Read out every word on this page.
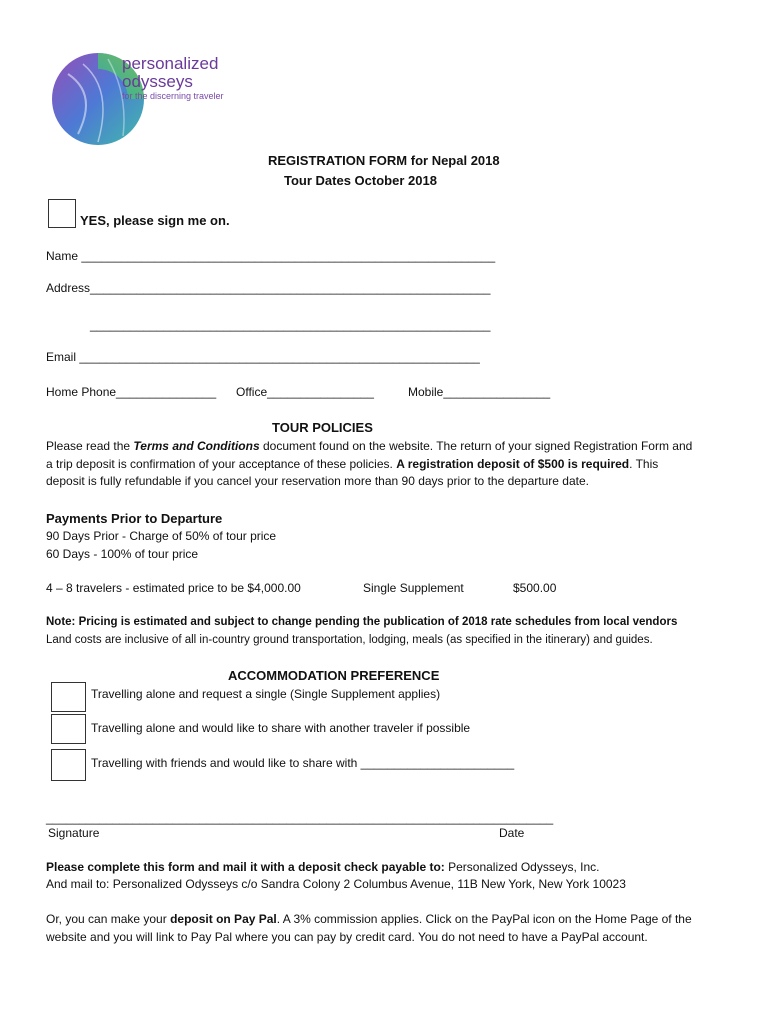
personalized
odysseys
for the discerning traveler
REGISTRATION FORM for Nepal 2018
Tour Dates October 2018
YES, please sign me on.
Name ______________________________________________________________
Address____________________________________________________________
____________________________________________________________
Email ____________________________________________________________
Home Phone_______________ Office________________	Mobile________________
TOUR POLICIES
Please read the Terms and Conditions document found on the website. The return of your signed Registration Form and
a trip deposit is confirmation of your acceptance of these policies. A registration deposit of $500 is required. This
deposit is fully refundable if you cancel your reservation more than 90 days prior to the departure date.
Payments Prior to Departure
90 Days Prior - Charge of 50% of tour price
60 Days - 100% of tour price
4 – 8 travelers - estimated price to be $4,000.00	Single Supplement	$500.00
Note: Pricing is estimated and subject to change pending the publication of 2018 rate schedules from local vendors
Land costs are inclusive of all in-country ground transportation, lodging, meals (as specified in the itinerary) and guides.
ACCOMMODATION PREFERENCE
Travelling alone and request a single (Single Supplement applies)
Travelling alone and would like to share with another traveler if possible
Travelling with friends and would like to share with _______________________
____________________________________________________________________________
Signature	Date
Please complete this form and mail it with a deposit check payable to: Personalized Odysseys, Inc.
And mail to: Personalized Odysseys c/o Sandra Colony 2 Columbus Avenue, 11B New York, New York 10023
Or, you can make your deposit on Pay Pal. A 3% commission applies. Click on the PayPal icon on the Home Page of the
website and you will link to Pay Pal where you can pay by credit card. You do not need to have a PayPal account.
